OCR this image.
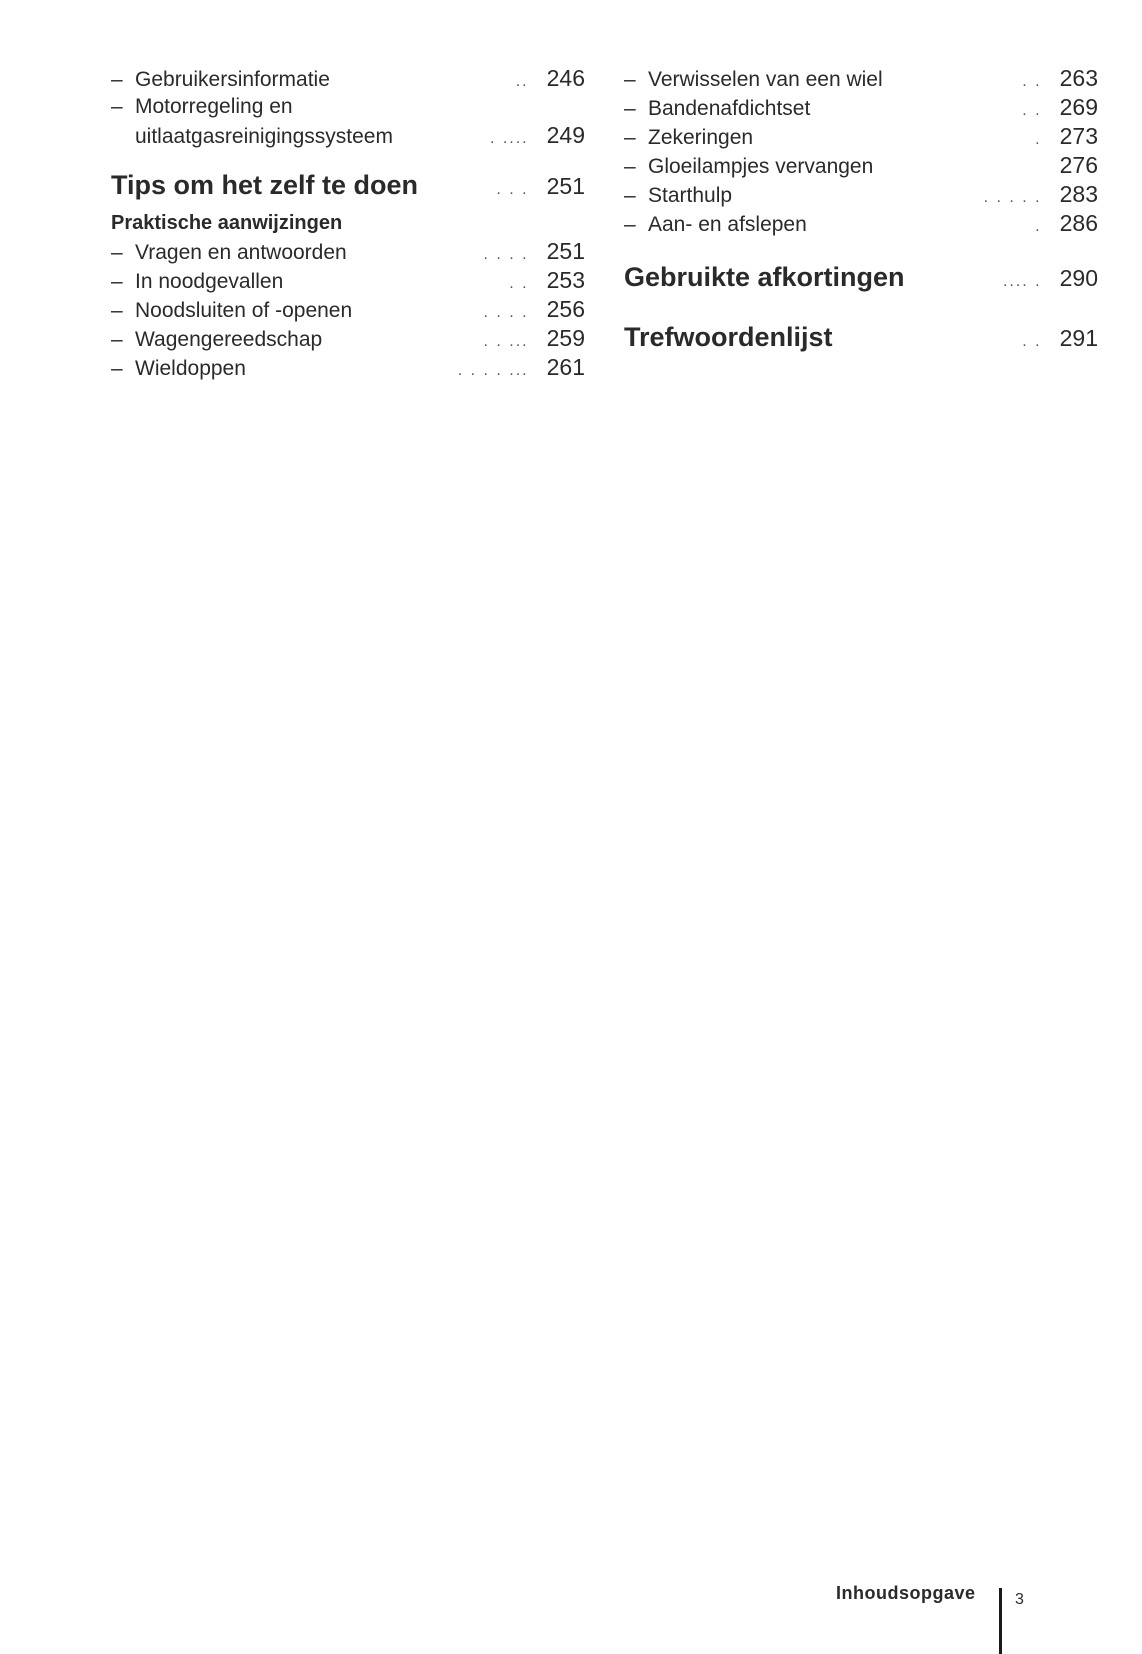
– Gebruikersinformatie	.. 246
– Motorregeling en
uitlaatgasreinigingssysteem	. .... 249
Tips om het zelf te doen	. . . 251
Praktische aanwijzingen
– Vragen en antwoorden	. . . . 251
– In noodgevallen	. . 253
– Noodsluiten of -openen	. . . . 256
– Wagengereedschap	. . ... 259
– Wieldoppen	. . . . ... 261
– Verwisselen van een wiel	. . 263
– Bandenafdichtset	. . 269
– Zekeringen	. 273
– Gloeilampjes vervangen	276
– Starthulp	. . . . . 283
– Aan- en afslepen	. 286
Gebruikte afkortingen	.... . 290
Trefwoordenlijst	. . 291
Inhoudsopgave 3
